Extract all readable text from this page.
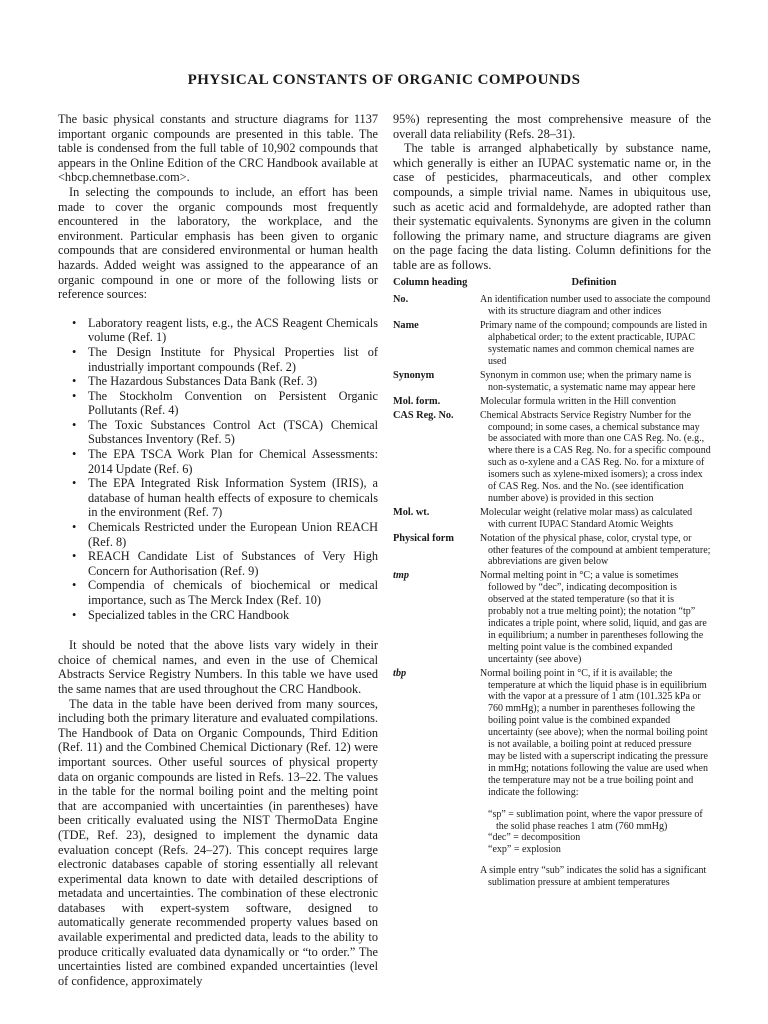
PHYSICAL CONSTANTS OF ORGANIC COMPOUNDS

The basic physical constants and structure diagrams for 1137 important organic compounds are presented in this table. The table is condensed from the full table of 10,902 compounds that appears in the Online Edition of the CRC Handbook available at <hbcp.chemnetbase.com>.

In selecting the compounds to include, an effort has been made to cover the organic compounds most frequently encountered in the laboratory, the workplace, and the environment. Particular emphasis has been given to organic compounds that are considered environmental or human health hazards. Added weight was assigned to the appearance of an organic compound in one or more of the following lists or reference sources:

• Laboratory reagent lists, e.g., the ACS Reagent Chemicals volume (Ref. 1)
• The Design Institute for Physical Properties list of industrially important compounds (Ref. 2)
• The Hazardous Substances Data Bank (Ref. 3)
• The Stockholm Convention on Persistent Organic Pollutants (Ref. 4)
• The Toxic Substances Control Act (TSCA) Chemical Substances Inventory (Ref. 5)
• The EPA TSCA Work Plan for Chemical Assessments: 2014 Update (Ref. 6)
• The EPA Integrated Risk Information System (IRIS), a database of human health effects of exposure to chemicals in the environment (Ref. 7)
• Chemicals Restricted under the European Union REACH (Ref. 8)
• REACH Candidate List of Substances of Very High Concern for Authorisation (Ref. 9)
• Compendia of chemicals of biochemical or medical importance, such as The Merck Index (Ref. 10)
• Specialized tables in the CRC Handbook

It should be noted that the above lists vary widely in their choice of chemical names, and even in the use of Chemical Abstracts Service Registry Numbers. In this table we have used the same names that are used throughout the CRC Handbook.

The data in the table have been derived from many sources, including both the primary literature and evaluated compilations. The Handbook of Data on Organic Compounds, Third Edition (Ref. 11) and the Combined Chemical Dictionary (Ref. 12) were important sources. Other useful sources of physical property data on organic compounds are listed in Refs. 13–22. The values in the table for the normal boiling point and the melting point that are accompanied with uncertainties (in parentheses) have been critically evaluated using the NIST ThermoData Engine (TDE, Ref. 23), designed to implement the dynamic data evaluation concept (Refs. 24–27). This concept requires large electronic databases capable of storing essentially all relevant experimental data known to date with detailed descriptions of metadata and uncertainties. The combination of these electronic databases with expert-system software, designed to automatically generate recommended property values based on available experimental and predicted data, leads to the ability to produce critically evaluated data dynamically or “to order.” The uncertainties listed are combined expanded uncertainties (level of confidence, approximately

95%) representing the most comprehensive measure of the overall data reliability (Refs. 28–31).

The table is arranged alphabetically by substance name, which generally is either an IUPAC systematic name or, in the case of pesticides, pharmaceuticals, and other complex compounds, a simple trivial name. Names in ubiquitous use, such as acetic acid and formaldehyde, are adopted rather than their systematic equivalents. Synonyms are given in the column following the primary name, and structure diagrams are given on the page facing the data listing. Column definitions for the table are as follows.

Column heading	Definition
No.	An identification number used to associate the compound with its structure diagram and other indices
Name	Primary name of the compound; compounds are listed in alphabetical order; to the extent practicable, IUPAC systematic names and common chemical names are used
Synonym	Synonym in common use; when the primary name is non-systematic, a systematic name may appear here
Mol. form.	Molecular formula written in the Hill convention
CAS Reg. No.	Chemical Abstracts Service Registry Number for the compound; in some cases, a chemical substance may be associated with more than one CAS Reg. No. (e.g., where there is a CAS Reg. No. for a specific compound such as o-xylene and a CAS Reg. No. for a mixture of isomers such as xylene-mixed isomers); a cross index of CAS Reg. Nos. and the No. (see identification number above) is provided in this section
Mol. wt.	Molecular weight (relative molar mass) as calculated with current IUPAC Standard Atomic Weights
Physical form	Notation of the physical phase, color, crystal type, or other features of the compound at ambient temperature; abbreviations are given below
tmp	Normal melting point in °C; a value is sometimes followed by “dec”, indicating decomposition is observed at the stated temperature (so that it is probably not a true melting point); the notation “tp” indicates a triple point, where solid, liquid, and gas are in equilibrium; a number in parentheses following the melting point value is the combined expanded uncertainty (see above)
tbp	Normal boiling point in °C, if it is available; the temperature at which the liquid phase is in equilibrium with the vapor at a pressure of 1 atm (101.325 kPa or 760 mmHg); a number in parentheses following the boiling point value is the combined expanded uncertainty (see above); when the normal boiling point is not available, a boiling point at reduced pressure may be listed with a superscript indicating the pressure in mmHg; notations following the value are used when the temperature may not be a true boiling point and indicate the following:
“sp” = sublimation point, where the vapor pressure of the solid phase reaches 1 atm (760 mmHg)
“dec” = decomposition
“exp” = explosion
A simple entry “sub” indicates the solid has a significant sublimation pressure at ambient temperatures
